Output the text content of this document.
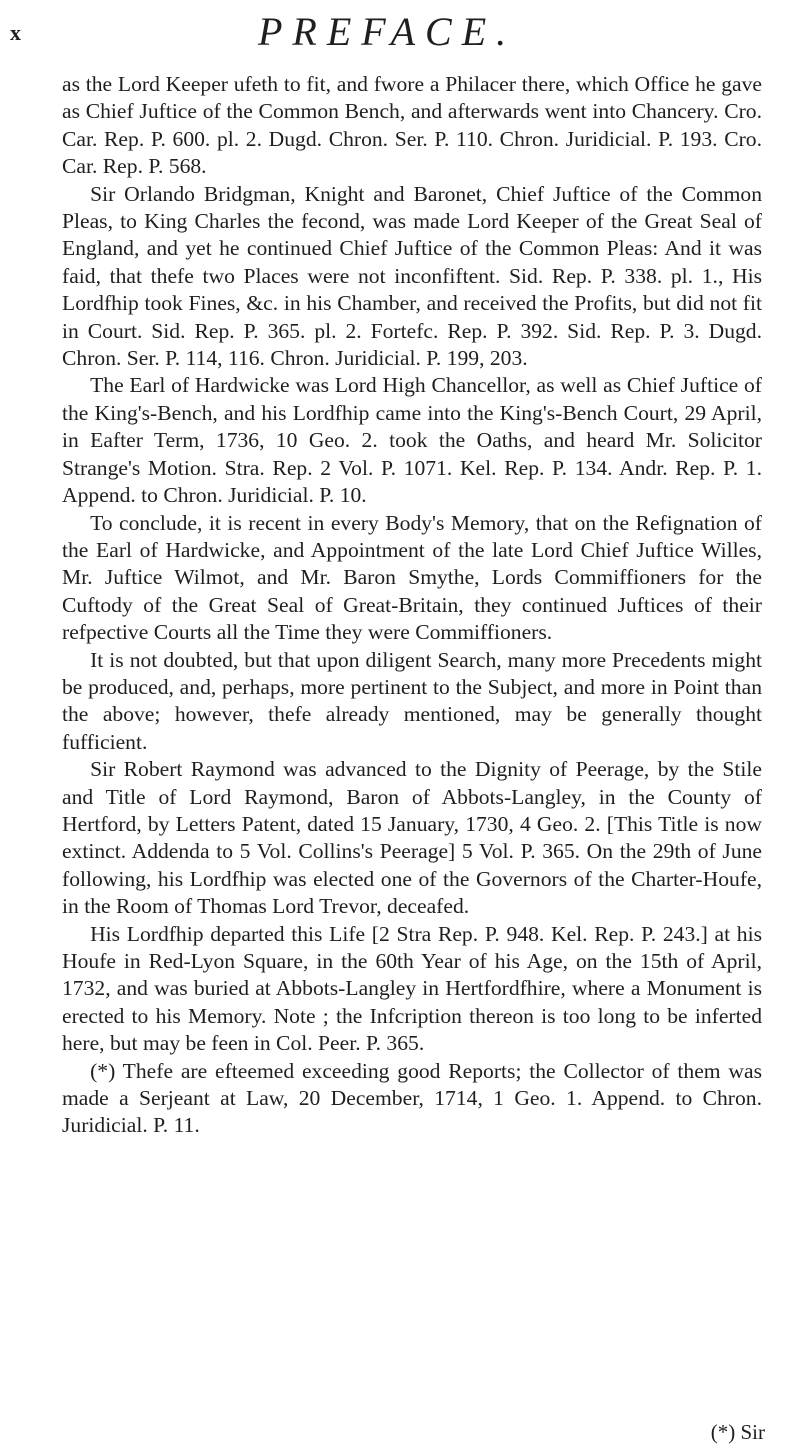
x	PREFACE.

as the Lord Keeper ufeth to fit, and fwore a Philacer there, which Office he gave as Chief Juftice of the Common Bench, and afterwards went into Chancery. Cro. Car. Rep. P. 600. pl. 2. Dugd. Chron. Ser. P. 110. Chron. Juridicial. P. 193. Cro. Car. Rep. P. 568.

Sir Orlando Bridgman, Knight and Baronet, Chief Juftice of the Common Pleas, to King Charles the fecond, was made Lord Keeper of the Great Seal of England, and yet he continued Chief Juftice of the Common Pleas: And it was faid, that thefe two Places were not inconfiftent. Sid. Rep. P. 338. pl. 1., His Lordfhip took Fines, &c. in his Chamber, and received the Profits, but did not fit in Court. Sid. Rep. P. 365. pl. 2. Fortefc. Rep. P. 392. Sid. Rep. P. 3. Dugd. Chron. Ser. P. 114, 116. Chron. Juridicial. P. 199, 203.

The Earl of Hardwicke was Lord High Chancellor, as well as Chief Juftice of the King's-Bench, and his Lordfhip came into the King's-Bench Court, 29 April, in Eafter Term, 1736, 10 Geo. 2. took the Oaths, and heard Mr. Solicitor Strange's Motion. Stra. Rep. 2 Vol. P. 1071. Kel. Rep. P. 134. Andr. Rep. P. 1. Append. to Chron. Juridicial. P. 10.

To conclude, it is recent in every Body's Memory, that on the Refignation of the Earl of Hardwicke, and Appointment of the late Lord Chief Juftice Willes, Mr. Juftice Wilmot, and Mr. Baron Smythe, Lords Commiffioners for the Cuftody of the Great Seal of Great-Britain, they continued Juftices of their refpective Courts all the Time they were Commiffioners.

It is not doubted, but that upon diligent Search, many more Precedents might be produced, and, perhaps, more pertinent to the Subject, and more in Point than the above; however, thefe already mentioned, may be generally thought fufficient.

Sir Robert Raymond was advanced to the Dignity of Peerage, by the Stile and Title of Lord Raymond, Baron of Abbots-Langley, in the County of Hertford, by Letters Patent, dated 15 January, 1730, 4 Geo. 2. [This Title is now extinct. Addenda to 5 Vol. Collins's Peerage] 5 Vol. P. 365. On the 29th of June following, his Lordfhip was elected one of the Governors of the Charter-Houfe, in the Room of Thomas Lord Trevor, deceafed.

His Lordfhip departed this Life [2 Stra Rep. P. 948. Kel. Rep. P. 243.] at his Houfe in Red-Lyon Square, in the 60th Year of his Age, on the 15th of April, 1732, and was buried at Abbots-Langley in Hertfordfhire, where a Monument is erected to his Memory. Note ; the Infcription thereon is too long to be inferted here, but may be feen in Col. Peer. P. 365.

(*) Thefe are efteemed exceeding good Reports; the Collector of them was made a Serjeant at Law, 20 December, 1714, 1 Geo. 1. Append. to Chron. Juridicial. P. 11.

(*) Sir
